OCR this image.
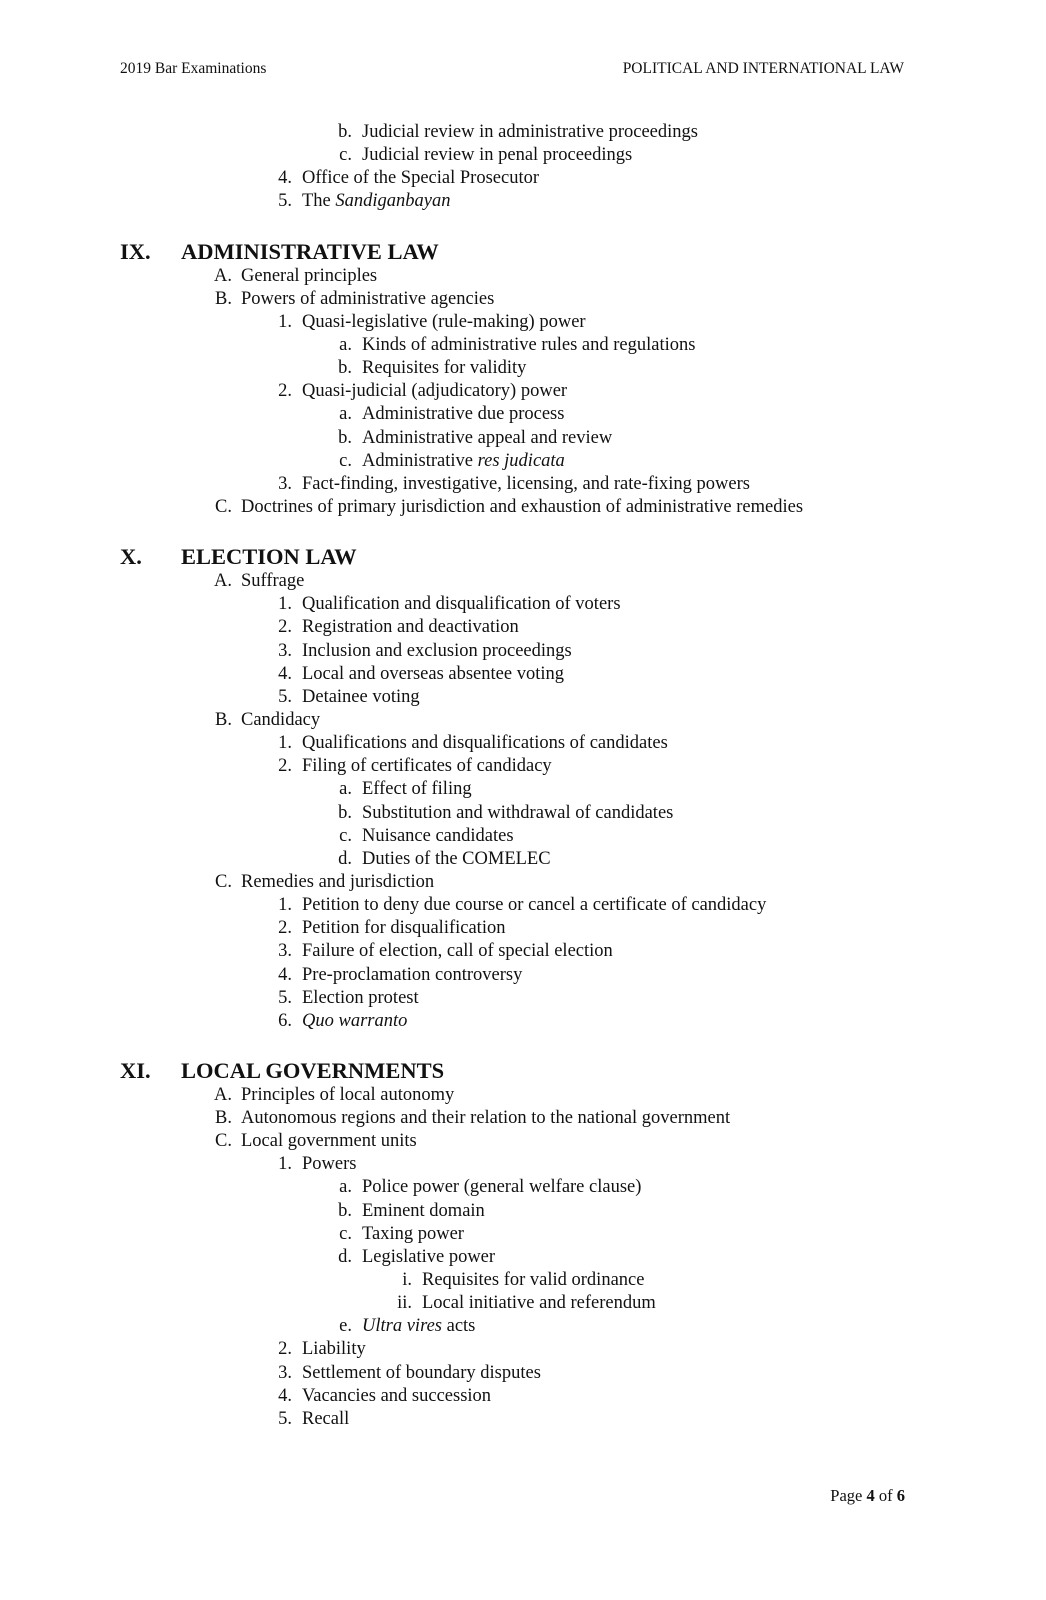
2019 Bar Examinations	POLITICAL AND INTERNATIONAL LAW
b. Judicial review in administrative proceedings
c. Judicial review in penal proceedings
4. Office of the Special Prosecutor
5. The Sandiganbayan
IX. ADMINISTRATIVE LAW
A. General principles
B. Powers of administrative agencies
1. Quasi-legislative (rule-making) power
a. Kinds of administrative rules and regulations
b. Requisites for validity
2. Quasi-judicial (adjudicatory) power
a. Administrative due process
b. Administrative appeal and review
c. Administrative res judicata
3. Fact-finding, investigative, licensing, and rate-fixing powers
C. Doctrines of primary jurisdiction and exhaustion of administrative remedies
X. ELECTION LAW
A. Suffrage
1. Qualification and disqualification of voters
2. Registration and deactivation
3. Inclusion and exclusion proceedings
4. Local and overseas absentee voting
5. Detainee voting
B. Candidacy
1. Qualifications and disqualifications of candidates
2. Filing of certificates of candidacy
a. Effect of filing
b. Substitution and withdrawal of candidates
c. Nuisance candidates
d. Duties of the COMELEC
C. Remedies and jurisdiction
1. Petition to deny due course or cancel a certificate of candidacy
2. Petition for disqualification
3. Failure of election, call of special election
4. Pre-proclamation controversy
5. Election protest
6. Quo warranto
XI. LOCAL GOVERNMENTS
A. Principles of local autonomy
B. Autonomous regions and their relation to the national government
C. Local government units
1. Powers
a. Police power (general welfare clause)
b. Eminent domain
c. Taxing power
d. Legislative power
i. Requisites for valid ordinance
ii. Local initiative and referendum
e. Ultra vires acts
2. Liability
3. Settlement of boundary disputes
4. Vacancies and succession
5. Recall
Page 4 of 6
